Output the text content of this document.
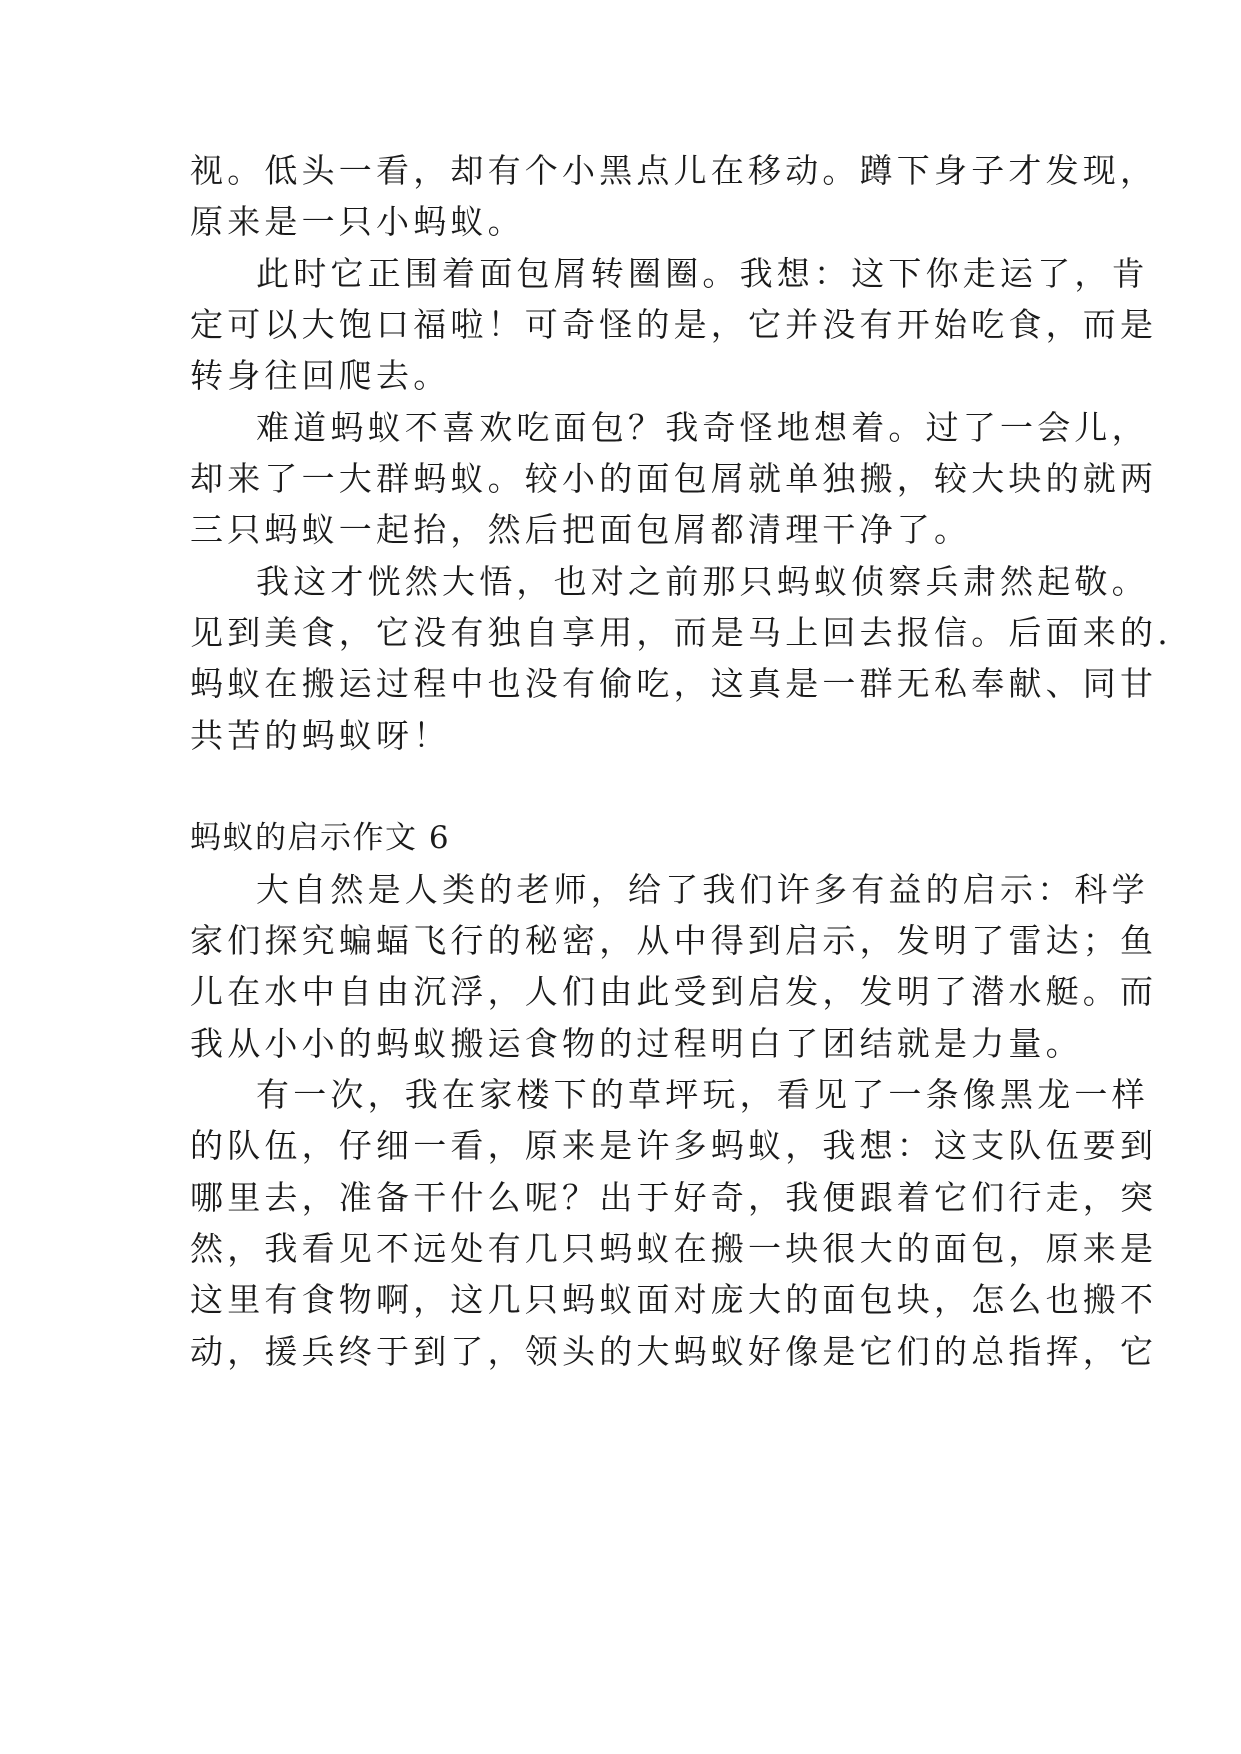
视。低头一看，却有个小黑点儿在移动。蹲下身子才发现，
原来是一只小蚂蚁。
此时它正围着面包屑转圈圈。我想：这下你走运了，肯
定可以大饱口福啦！可奇怪的是，它并没有开始吃食，而是
转身往回爬去。
难道蚂蚁不喜欢吃面包？我奇怪地想着。过了一会儿，
却来了一大群蚂蚁。较小的面包屑就单独搬，较大块的就两
三只蚂蚁一起抬，然后把面包屑都清理干净了。
我这才恍然大悟，也对之前那只蚂蚁侦察兵肃然起敬。
见到美食，它没有独自享用，而是马上回去报信。后面来的.
蚂蚁在搬运过程中也没有偷吃，这真是一群无私奉献、同甘
共苦的蚂蚁呀！
蚂蚁的启示作文 6
大自然是人类的老师，给了我们许多有益的启示：科学
家们探究蝙蝠飞行的秘密，从中得到启示，发明了雷达；鱼
儿在水中自由沉浮，人们由此受到启发，发明了潜水艇。而
我从小小的蚂蚁搬运食物的过程明白了团结就是力量。
有一次，我在家楼下的草坪玩，看见了一条像黑龙一样
的队伍，仔细一看，原来是许多蚂蚁，我想：这支队伍要到
哪里去，准备干什么呢？出于好奇，我便跟着它们行走，突
然，我看见不远处有几只蚂蚁在搬一块很大的面包，原来是
这里有食物啊，这几只蚂蚁面对庞大的面包块，怎么也搬不
动，援兵终于到了，领头的大蚂蚁好像是它们的总指挥，它
